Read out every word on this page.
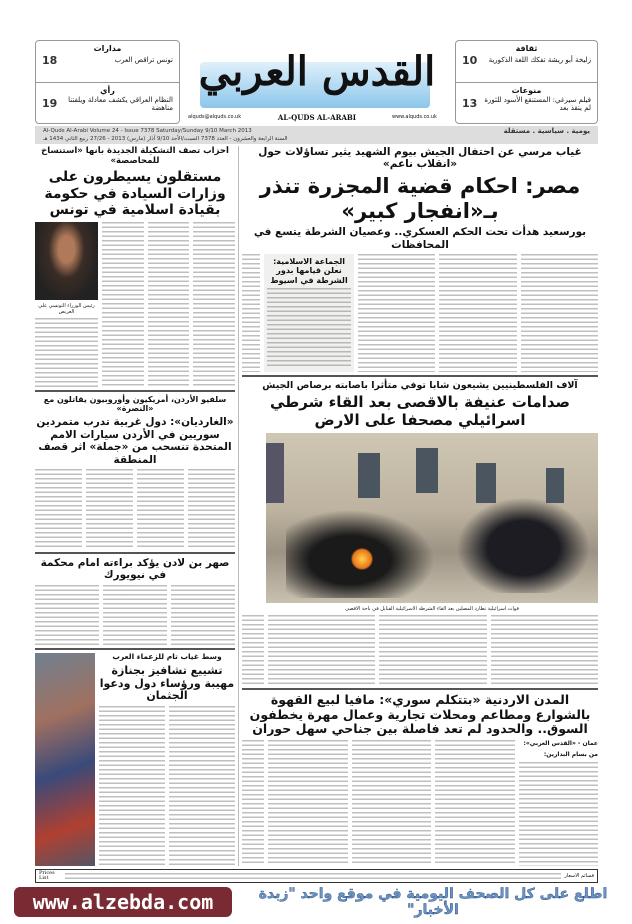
مدارات
تونس تراقص العرب
18
رأي
النظام العراقي يكشف معادلة ويلفتنا مناهضة
19
القدس العربي
AL-QUDS AL-ARABI
alquds@alquds.co.uk	www.alquds.co.uk
ثقافة
زليخة أبو ريشة تفكك اللغة الذكورية
10
منوعات
فيلم سيرغي: المستنقع الأسود للثورة لم ينقذ بعد
13
Al-Quds Al-Arabi Volume 24 - Issue 7378 Saturday/Sunday 9/10 March 2013	يومية . سياسية . مستقلة
السنة الرابعة والعشرون - العدد 7378 السبت/الأحد 9/10 آذار (مارس) 2013 - 27/26 ربيع الثاني 1434 هـ
غياب مرسي عن احتفال الجيش بيوم الشهيد يثير تساؤلات حول «انقلاب ناعم»
مصر: احكام قضية المجزرة تنذر بـ«انفجار كبير»
بورسعيد هدأت تحت الحكم العسكري.. وعصيان الشرطة يتسع في المحافظات
الجماعة الاسلامية: نعلن قيامها بدور الشرطة في اسيوط
آلاف الفلسطينيين يشيعون شابا توفي متأثرا باصابته برصاص الجيش
صدامات عنيفة بالاقصى بعد القاء شرطي اسرائيلي مصحفا على الارض
قوات اسرائيلية تطارد المصلين بعد القاء الشرطة الاسرائيلية القنابل في باحة الاقصى
المدن الاردنية «بتتكلم سوري»: مافيا لبيع القهوة بالشوارع ومطاعم ومحلات تجارية وعمال مهرة يخطفون السوق.. والحدود لم تعد فاصلة بين جناحي سهل حوران
عمان - «القدس العربي»:
من بسام البدارين:
أحزاب تصف التشكيلة الجديدة بأنها «استنساخ للمحاصصة»
مستقلون يسيطرون على وزارات السيادة في حكومة بقيادة اسلامية في تونس
رئيس الوزراء التونسي علي العريض
سلفيو الأردن، أمريكيون وأوروبيون يقاتلون مع «النصرة»
«الغارديان»: دول غربية تدرب متمردين سوريين في الأردن سيارات الامم المتحدة تنسحب من «جملة» اثر قصف المنطقة
صهر بن لادن يؤكد براءته امام محكمة في نيويورك
وسط غياب تام للزعماء العرب
تشييع تشافيز بجنازة مهيبة ورؤساء دول ودعوا الجثمان
Prices List	قسائم الاسعار
www.alzebda.com	اطلع على كل الصحف اليومية في موقع واحد "زبدة الأخبار"
